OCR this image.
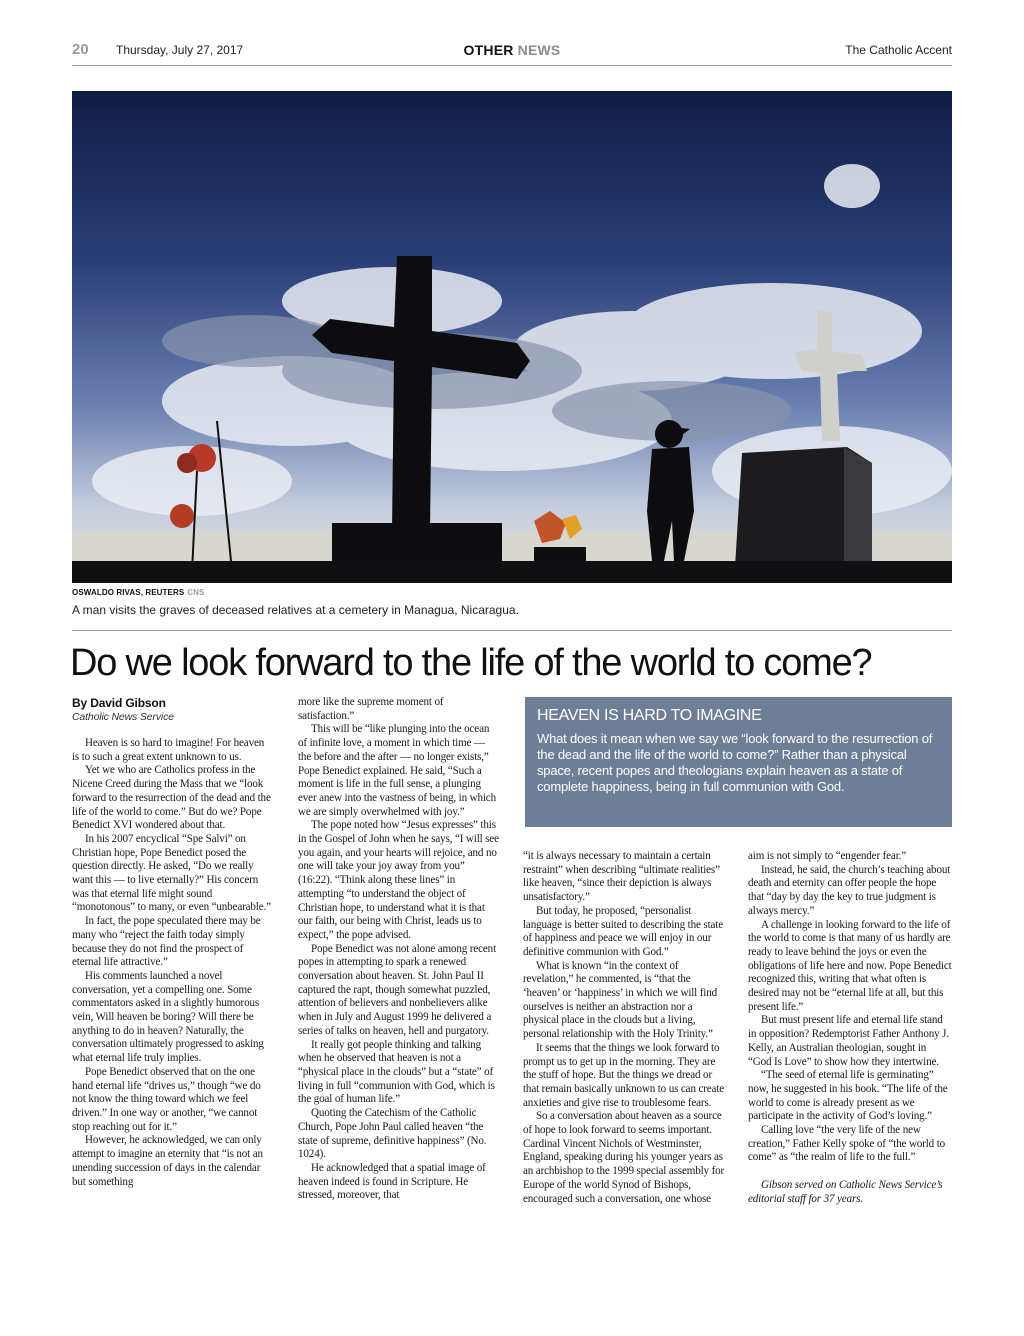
20 Thursday, July 27, 2017	OTHER NEWS	The Catholic Accent
OSWALDO RIVAS, REUTERS CNS
A man visits the graves of deceased relatives at a cemetery in Managua, Nicaragua.
Do we look forward to the life of the world to come?
By David Gibson
Catholic News Service

Heaven is so hard to imagine! For heaven is to such a great extent unknown to us.

Yet we who are Catholics profess in the Nicene Creed during the Mass that we “look forward to the resurrection of the dead and the life of the world to come.” But do we? Pope Benedict XVI wondered about that.

In his 2007 encyclical “Spe Salvi” on Christian hope, Pope Benedict posed the question directly. He asked, “Do we really want this — to live eternally?” His concern was that eternal life might sound “monotonous” to many, or even “unbearable.”

In fact, the pope speculated there may be many who “reject the faith today simply because they do not find the prospect of eternal life attractive.”

His comments launched a novel conversation, yet a compelling one. Some commentators asked in a slightly humorous vein, Will heaven be boring? Will there be anything to do in heaven? Naturally, the conversation ultimately progressed to asking what eternal life truly implies.

Pope Benedict observed that on the one hand eternal life “drives us,” though “we do not know the thing toward which we feel driven.” In one way or another, “we cannot stop reaching out for it.”

However, he acknowledged, we can only attempt to imagine an eternity that “is not an unending succession of days in the calendar but something

more like the supreme moment of satisfaction.”

This will be “like plunging into the ocean of infinite love, a moment in which time — the before and the after — no longer exists,” Pope Benedict explained. He said, “Such a moment is life in the full sense, a plunging ever anew into the vastness of being, in which we are simply overwhelmed with joy.”

The pope noted how “Jesus expresses” this in the Gospel of John when he says, “I will see you again, and your hearts will rejoice, and no one will take your joy away from you” (16:22). “Think along these lines” in attempting “to understand the object of Christian hope, to understand what it is that our faith, our being with Christ, leads us to expect,” the pope advised.

Pope Benedict was not alone among recent popes in attempting to spark a renewed conversation about heaven. St. John Paul II captured the rapt, though somewhat puzzled, attention of believers and nonbelievers alike when in July and August 1999 he delivered a series of talks on heaven, hell and purgatory.

It really got people thinking and talking when he observed that heaven is not a “physical place in the clouds” but a “state” of living in full “communion with God, which is the goal of human life.”

Quoting the Catechism of the Catholic Church, Pope John Paul called heaven “the state of supreme, definitive happiness” (No. 1024).

He acknowledged that a spatial image of heaven indeed is found in Scripture. He stressed, moreover, that

HEAVEN IS HARD TO IMAGINE
What does it mean when we say we “look forward to the resurrection of the dead and the life of the world to come?” Rather than a physical space, recent popes and theologians explain heaven as a state of complete happiness, being in full communion with God.

“it is always necessary to maintain a certain restraint” when describing “ultimate realities” like heaven, “since their depiction is always unsatisfactory.”

But today, he proposed, “personalist language is better suited to describing the state of happiness and peace we will enjoy in our definitive communion with God.”

What is known “in the context of revelation,” he commented, is “that the ‘heaven’ or ‘happiness’ in which we will find ourselves is neither an abstraction nor a physical place in the clouds but a living, personal relationship with the Holy Trinity.”

It seems that the things we look forward to prompt us to get up in the morning. They are the stuff of hope. But the things we dread or that remain basically unknown to us can create anxieties and give rise to troublesome fears.

So a conversation about heaven as a source of hope to look forward to seems important. Cardinal Vincent Nichols of Westminster, England, speaking during his younger years as an archbishop to the 1999 special assembly for Europe of the world Synod of Bishops, encouraged such a conversation, one whose

aim is not simply to “engender fear.”

Instead, he said, the church’s teaching about death and eternity can offer people the hope that “day by day the key to true judgment is always mercy.”

A challenge in looking forward to the life of the world to come is that many of us hardly are ready to leave behind the joys or even the obligations of life here and now. Pope Benedict recognized this, writing that what often is desired may not be “eternal life at all, but this present life.”

But must present life and eternal life stand in opposition? Redemptorist Father Anthony J. Kelly, an Australian theologian, sought in “God Is Love” to show how they intertwine.

“The seed of eternal life is germinating” now, he suggested in his book. “The life of the world to come is already present as we participate in the activity of God’s loving.”

Calling love “the very life of the new creation,” Father Kelly spoke of “the world to come” as “the realm of life to the full.”

Gibson served on Catholic News Service’s editorial staff for 37 years.
